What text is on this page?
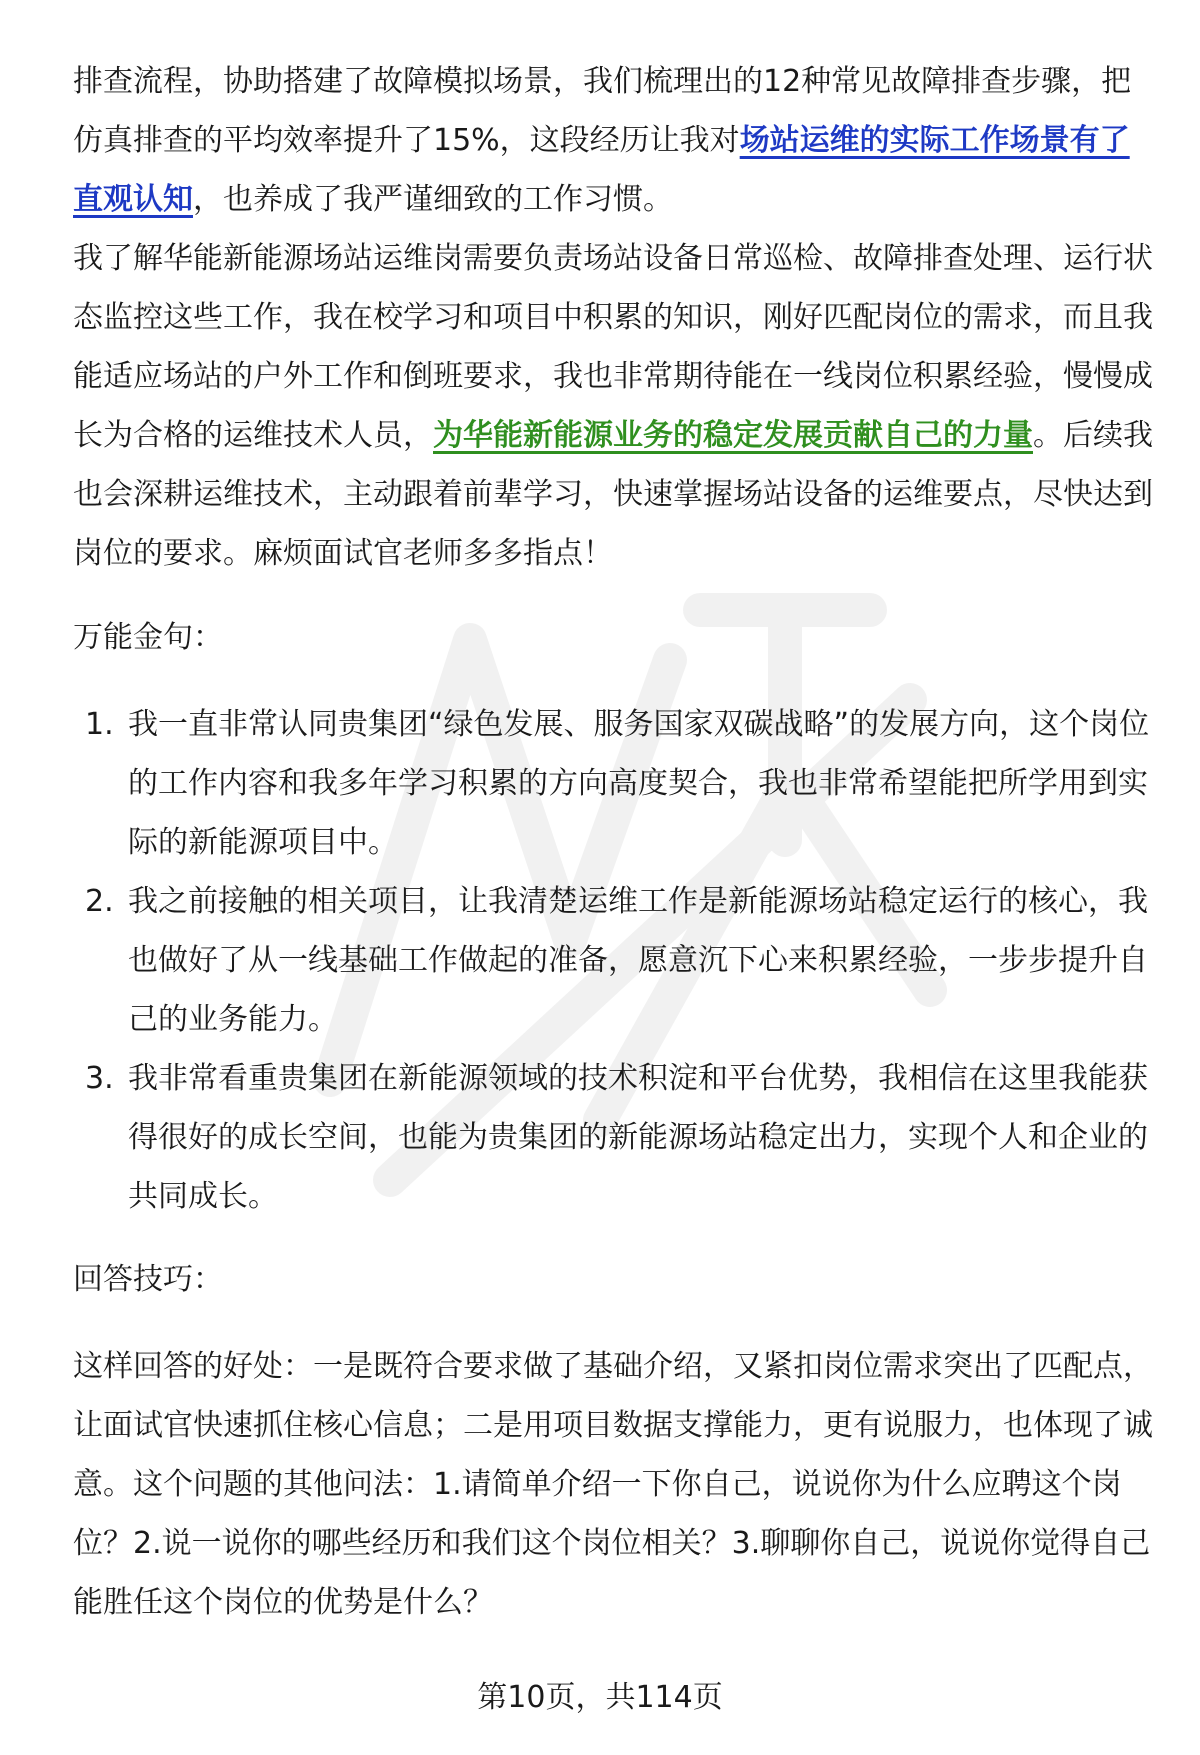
排查流程，协助搭建了故障模拟场景，我们梳理出的12种常见故障排查步骤，把仿真排查的平均效率提升了15%，这段经历让我对场站运维的实际工作场景有了直观认知，也养成了我严谨细致的工作习惯。

我了解华能新能源场站运维岗需要负责场站设备日常巡检、故障排查处理、运行状态监控这些工作，我在校学习和项目中积累的知识，刚好匹配岗位的需求，而且我能适应场站的户外工作和倒班要求，我也非常期待能在一线岗位积累经验，慢慢成长为合格的运维技术人员，为华能新能源业务的稳定发展贡献自己的力量。后续我也会深耕运维技术，主动跟着前辈学习，快速掌握场站设备的运维要点，尽快达到岗位的要求。麻烦面试官老师多多指点！

万能金句：

1. 我一直非常认同贵集团“绿色发展、服务国家双碳战略”的发展方向，这个岗位的工作内容和我多年学习积累的方向高度契合，我也非常希望能把所学用到实际的新能源项目中。
2. 我之前接触的相关项目，让我清楚运维工作是新能源场站稳定运行的核心，我也做好了从一线基础工作做起的准备，愿意沉下心来积累经验，一步步提升自己的业务能力。
3. 我非常看重贵集团在新能源领域的技术积淀和平台优势，我相信在这里我能获得很好的成长空间，也能为贵集团的新能源场站稳定出力，实现个人和企业的共同成长。

回答技巧：

这样回答的好处：一是既符合要求做了基础介绍，又紧扣岗位需求突出了匹配点，让面试官快速抓住核心信息；二是用项目数据支撑能力，更有说服力，也体现了诚意。这个问题的其他问法：1.请简单介绍一下你自己，说说你为什么应聘这个岗位？2.说一说你的哪些经历和我们这个岗位相关？3.聊聊你自己，说说你觉得自己能胜任这个岗位的优势是什么？

第10页，共114页
